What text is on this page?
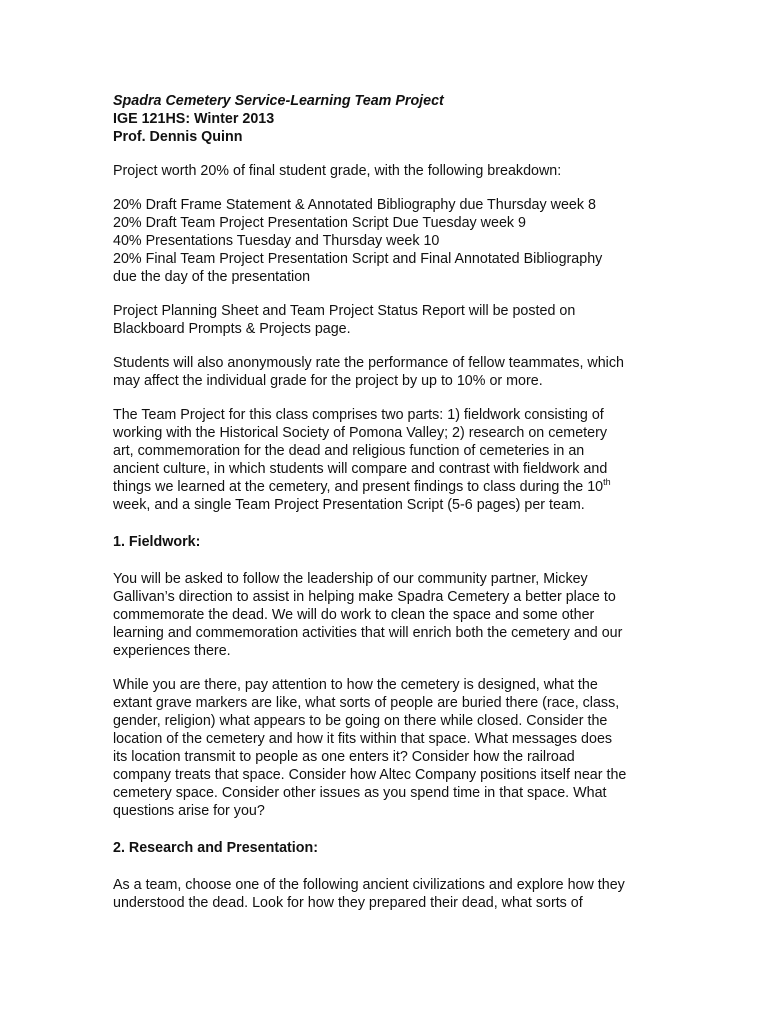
Spadra Cemetery Service-Learning Team Project
IGE 121HS: Winter 2013
Prof. Dennis Quinn

Project worth 20% of final student grade, with the following breakdown:

20% Draft Frame Statement & Annotated Bibliography due Thursday week 8
20% Draft Team Project Presentation Script Due Tuesday week 9
40% Presentations Tuesday and Thursday week 10
20% Final Team Project Presentation Script and Final Annotated Bibliography
due the day of the presentation
Project Planning Sheet and Team Project Status Report will be posted on
Blackboard Prompts & Projects page.
Students will also anonymously rate the performance of fellow teammates, which
may affect the individual grade for the project by up to 10% or more.
The Team Project for this class comprises two parts: 1) fieldwork consisting of
working with the Historical Society of Pomona Valley; 2) research on cemetery
art, commemoration for the dead and religious function of cemeteries in an
ancient culture, in which students will compare and contrast with fieldwork and
things we learned at the cemetery, and present findings to class during the 10th
week, and a single Team Project Presentation Script (5-6 pages) per team.
1. Fieldwork:
You will be asked to follow the leadership of our community partner, Mickey
Gallivan’s direction to assist in helping make Spadra Cemetery a better place to
commemorate the dead. We will do work to clean the space and some other
learning and commemoration activities that will enrich both the cemetery and our
experiences there.
While you are there, pay attention to how the cemetery is designed, what the
extant grave markers are like, what sorts of people are buried there (race, class,
gender, religion) what appears to be going on there while closed. Consider the
location of the cemetery and how it fits within that space. What messages does
its location transmit to people as one enters it? Consider how the railroad
company treats that space. Consider how Altec Company positions itself near the
cemetery space. Consider other issues as you spend time in that space. What
questions arise for you?
2. Research and Presentation:
As a team, choose one of the following ancient civilizations and explore how they
understood the dead. Look for how they prepared their dead, what sorts of
